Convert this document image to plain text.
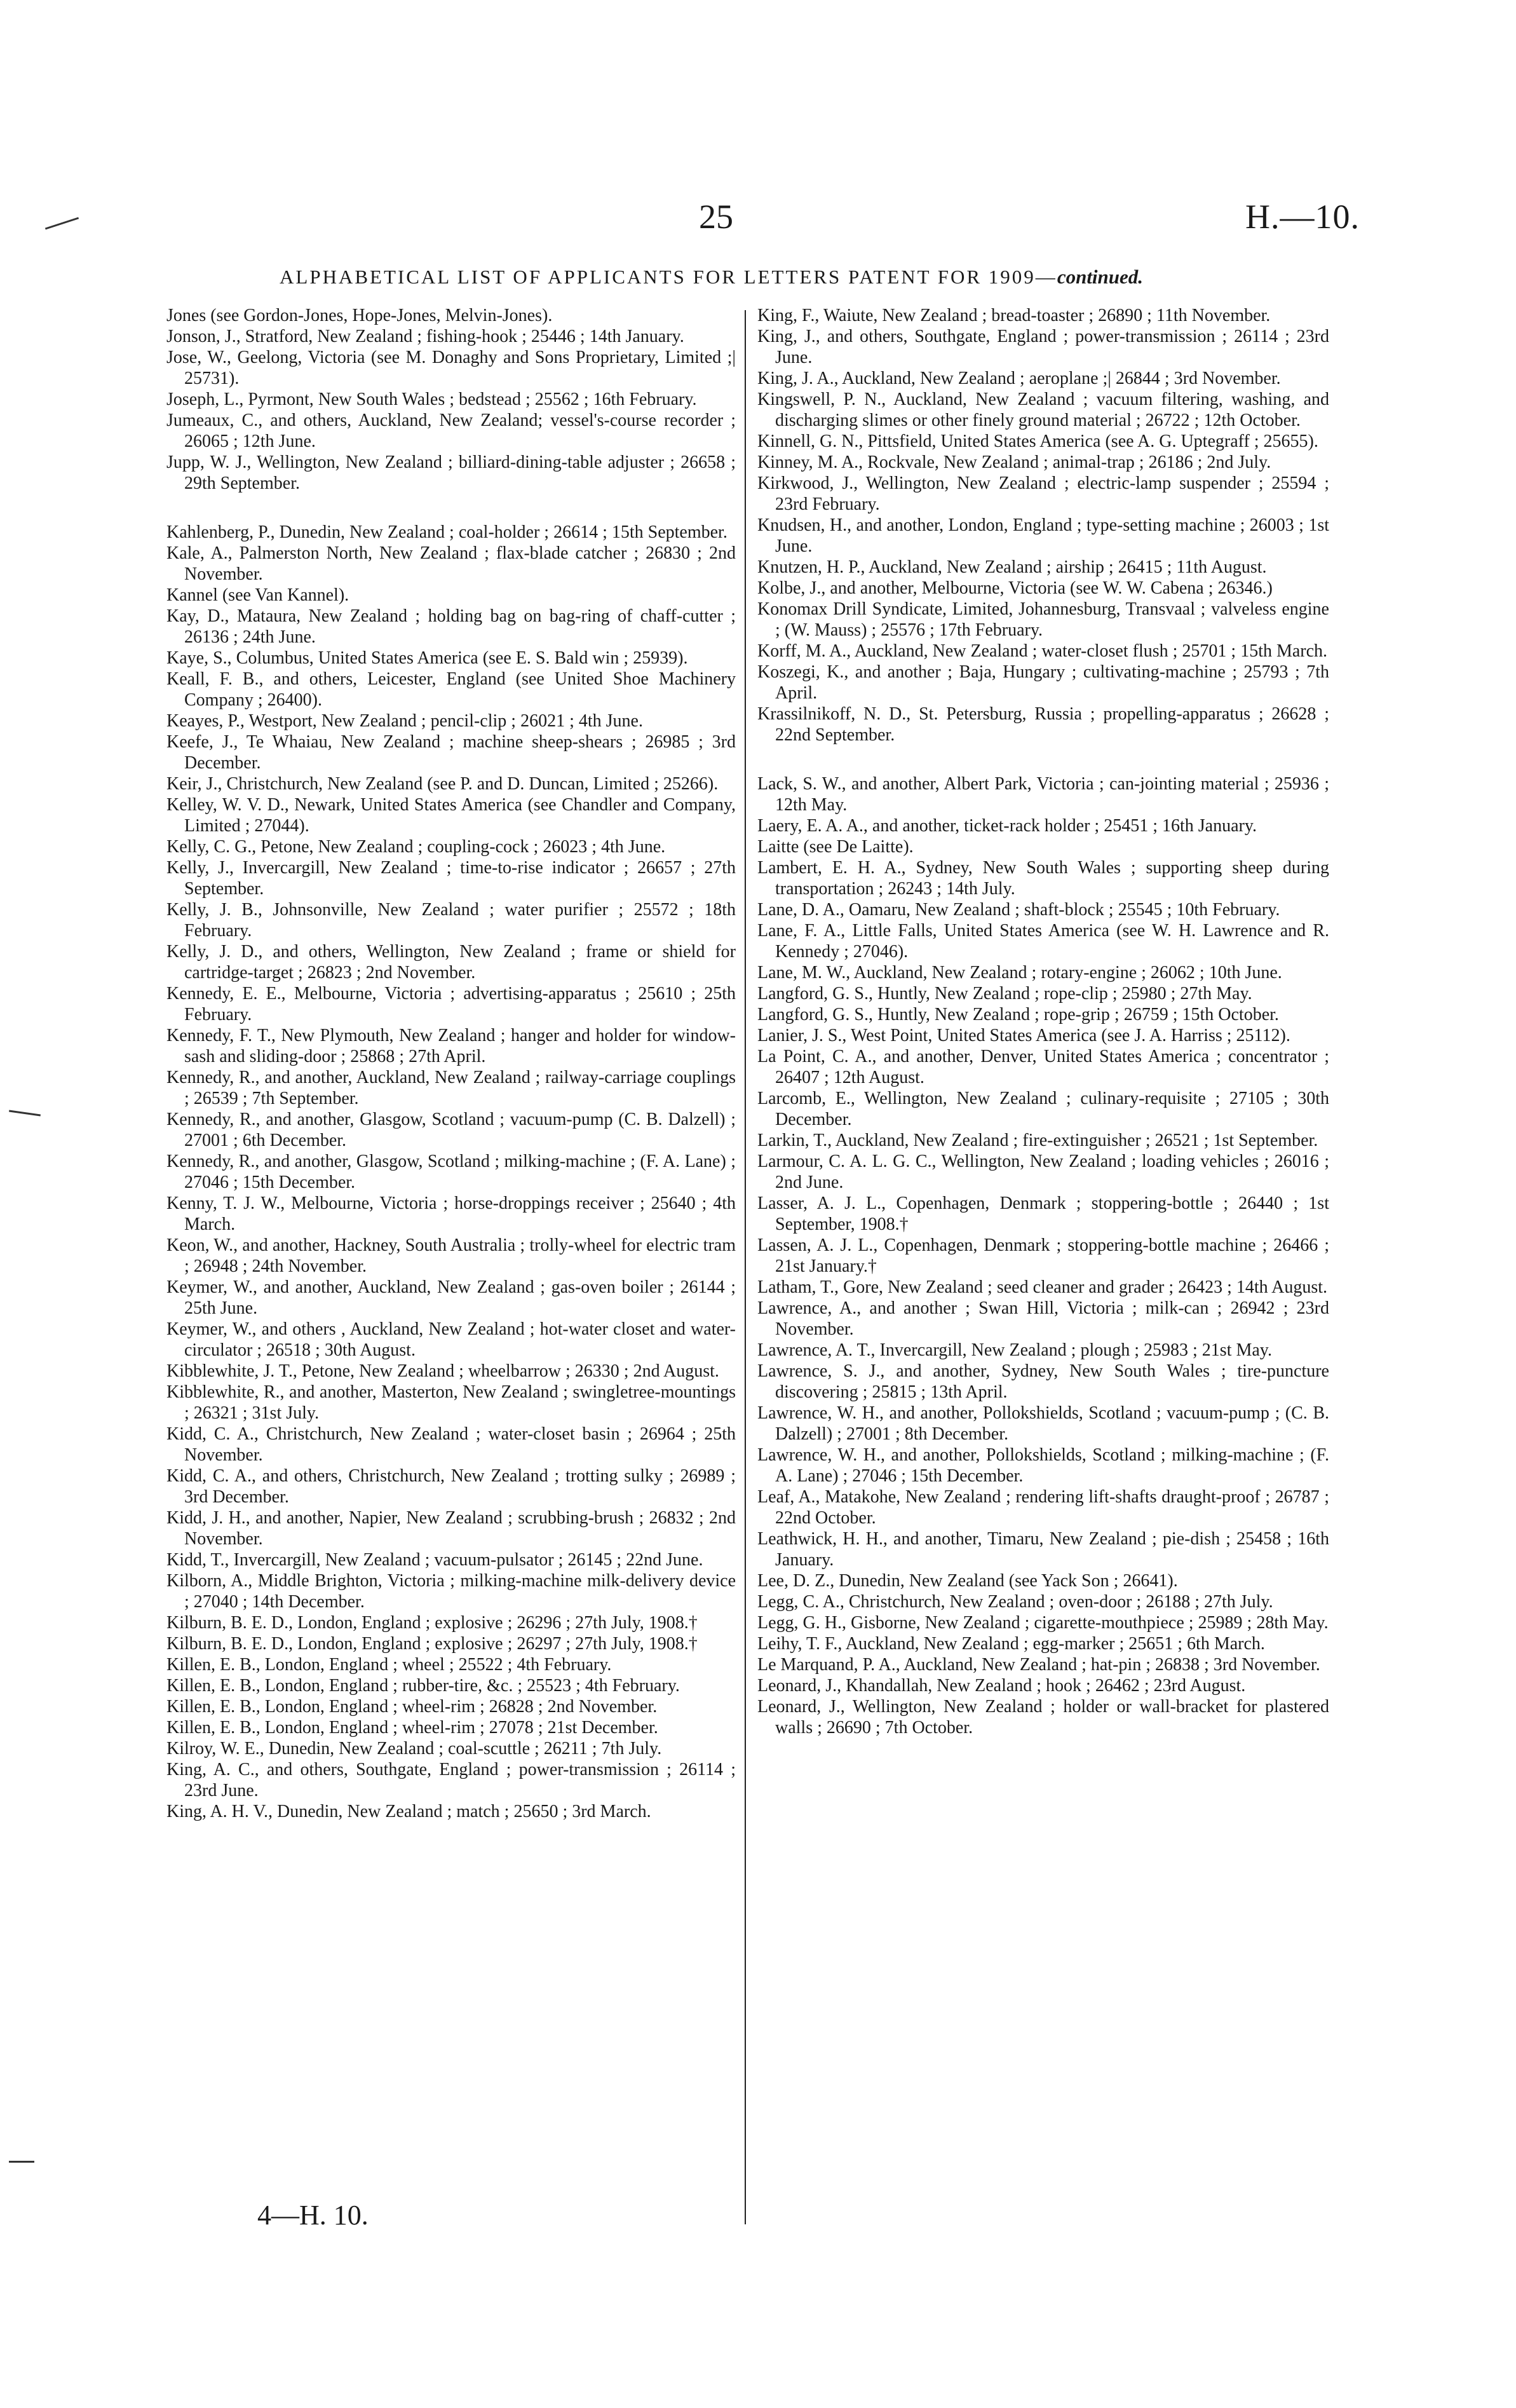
25	H.—10.
ALPHABETICAL LIST OF APPLICANTS FOR LETTERS PATENT FOR 1909—continued.
Jones (see Gordon-Jones, Hope-Jones, Melvin-Jones).
Jonson, J., Stratford, New Zealand ; fishing-hook ; 25446 ; 14th January.
Jose, W., Geelong, Victoria (see M. Donaghy and Sons Proprietary, Limited ;| 25731).
Joseph, L., Pyrmont, New South Wales ; bedstead ; 25562 ; 16th February.
Jumeaux, C., and others, Auckland, New Zealand; vessel's-course recorder ; 26065 ; 12th June.
Jupp, W. J., Wellington, New Zealand ; billiard-dining-table adjuster ; 26658 ; 29th September.
Kahlenberg, P., Dunedin, New Zealand ; coal-holder ; 26614 ; 15th September.
Kale, A., Palmerston North, New Zealand ; flax-blade catcher ; 26830 ; 2nd November.
Kannel (see Van Kannel).
Kay, D., Mataura, New Zealand ; holding bag on bag-ring of chaff-cutter ; 26136 ; 24th June.
Kaye, S., Columbus, United States America (see E. S. Bald win ; 25939).
Keall, F. B., and others, Leicester, England (see United Shoe Machinery Company ; 26400).
Keayes, P., Westport, New Zealand ; pencil-clip ; 26021 ; 4th June.
Keefe, J., Te Whaiau, New Zealand ; machine sheep-shears ; 26985 ; 3rd December.
Keir, J., Christchurch, New Zealand (see P. and D. Duncan, Limited ; 25266).
Kelley, W. V. D., Newark, United States America (see Chandler and Company, Limited ; 27044).
Kelly, C. G., Petone, New Zealand ; coupling-cock ; 26023 ; 4th June.
Kelly, J., Invercargill, New Zealand ; time-to-rise indicator ; 26657 ; 27th September.
Kelly, J. B., Johnsonville, New Zealand ; water purifier ; 25572 ; 18th February.
Kelly, J. D., and others, Wellington, New Zealand ; frame or shield for cartridge-target ; 26823 ; 2nd November.
Kennedy, E. E., Melbourne, Victoria ; advertising-apparatus ; 25610 ; 25th February.
Kennedy, F. T., New Plymouth, New Zealand ; hanger and holder for window-sash and sliding-door ; 25868 ; 27th April.
Kennedy, R., and another, Auckland, New Zealand ; railway-carriage couplings ; 26539 ; 7th September.
Kennedy, R., and another, Glasgow, Scotland ; vacuum-pump (C. B. Dalzell) ; 27001 ; 6th December.
Kennedy, R., and another, Glasgow, Scotland ; milking-machine ; (F. A. Lane) ; 27046 ; 15th December.
Kenny, T. J. W., Melbourne, Victoria ; horse-droppings receiver ; 25640 ; 4th March.
Keon, W., and another, Hackney, South Australia ; trolly-wheel for electric tram ; 26948 ; 24th November.
Keymer, W., and another, Auckland, New Zealand ; gas-oven boiler ; 26144 ; 25th June.
Keymer, W., and others , Auckland, New Zealand ; hot-water closet and water-circulator ; 26518 ; 30th August.
Kibblewhite, J. T., Petone, New Zealand ; wheelbarrow ; 26330 ; 2nd August.
Kibblewhite, R., and another, Masterton, New Zealand ; swingletree-mountings ; 26321 ; 31st July.
Kidd, C. A., Christchurch, New Zealand ; water-closet basin ; 26964 ; 25th November.
Kidd, C. A., and others, Christchurch, New Zealand ; trotting sulky ; 26989 ; 3rd December.
Kidd, J. H., and another, Napier, New Zealand ; scrubbing-brush ; 26832 ; 2nd November.
Kidd, T., Invercargill, New Zealand ; vacuum-pulsator ; 26145 ; 22nd June.
Kilborn, A., Middle Brighton, Victoria ; milking-machine milk-delivery device ; 27040 ; 14th December.
Kilburn, B. E. D., London, England ; explosive ; 26296 ; 27th July, 1908.†
Kilburn, B. E. D., London, England ; explosive ; 26297 ; 27th July, 1908.†
Killen, E. B., London, England ; wheel ; 25522 ; 4th February.
Killen, E. B., London, England ; rubber-tire, &c. ; 25523 ; 4th February.
Killen, E. B., London, England ; wheel-rim ; 26828 ; 2nd November.
Killen, E. B., London, England ; wheel-rim ; 27078 ; 21st December.
Kilroy, W. E., Dunedin, New Zealand ; coal-scuttle ; 26211 ; 7th July.
King, A. C., and others, Southgate, England ; power-transmission ; 26114 ; 23rd June.
King, A. H. V., Dunedin, New Zealand ; match ; 25650 ; 3rd March.
King, F., Waiute, New Zealand ; bread-toaster ; 26890 ; 11th November.
King, J., and others, Southgate, England ; power-transmission ; 26114 ; 23rd June.
King, J. A., Auckland, New Zealand ; aeroplane ;| 26844 ; 3rd November.
Kingswell, P. N., Auckland, New Zealand ; vacuum filtering, washing, and discharging slimes or other finely ground material ; 26722 ; 12th October.
Kinnell, G. N., Pittsfield, United States America (see A. G. Uptegraff ; 25655).
Kinney, M. A., Rockvale, New Zealand ; animal-trap ; 26186 ; 2nd July.
Kirkwood, J., Wellington, New Zealand ; electric-lamp suspender ; 25594 ; 23rd February.
Knudsen, H., and another, London, England ; type-setting machine ; 26003 ; 1st June.
Knutzen, H. P., Auckland, New Zealand ; airship ; 26415 ; 11th August.
Kolbe, J., and another, Melbourne, Victoria (see W. W. Cabena ; 26346.)
Konomax Drill Syndicate, Limited, Johannesburg, Transvaal ; valveless engine ; (W. Mauss) ; 25576 ; 17th February.
Korff, M. A., Auckland, New Zealand ; water-closet flush ; 25701 ; 15th March.
Koszegi, K., and another ; Baja, Hungary ; cultivating-machine ; 25793 ; 7th April.
Krassilnikoff, N. D., St. Petersburg, Russia ; propelling-apparatus ; 26628 ; 22nd September.
Lack, S. W., and another, Albert Park, Victoria ; can-jointing material ; 25936 ; 12th May.
Laery, E. A. A., and another, ticket-rack holder ; 25451 ; 16th January.
Laitte (see De Laitte).
Lambert, E. H. A., Sydney, New South Wales ; supporting sheep during transportation ; 26243 ; 14th July.
Lane, D. A., Oamaru, New Zealand ; shaft-block ; 25545 ; 10th February.
Lane, F. A., Little Falls, United States America (see W. H. Lawrence and R. Kennedy ; 27046).
Lane, M. W., Auckland, New Zealand ; rotary-engine ; 26062 ; 10th June.
Langford, G. S., Huntly, New Zealand ; rope-clip ; 25980 ; 27th May.
Langford, G. S., Huntly, New Zealand ; rope-grip ; 26759 ; 15th October.
Lanier, J. S., West Point, United States America (see J. A. Harriss ; 25112).
La Point, C. A., and another, Denver, United States America ; concentrator ; 26407 ; 12th August.
Larcomb, E., Wellington, New Zealand ; culinary-requisite ; 27105 ; 30th December.
Larkin, T., Auckland, New Zealand ; fire-extinguisher ; 26521 ; 1st September.
Larmour, C. A. L. G. C., Wellington, New Zealand ; loading vehicles ; 26016 ; 2nd June.
Lasser, A. J. L., Copenhagen, Denmark ; stoppering-bottle ; 26440 ; 1st September, 1908.†
Lassen, A. J. L., Copenhagen, Denmark ; stoppering-bottle machine ; 26466 ; 21st January.†
Latham, T., Gore, New Zealand ; seed cleaner and grader ; 26423 ; 14th August.
Lawrence, A., and another ; Swan Hill, Victoria ; milk-can ; 26942 ; 23rd November.
Lawrence, A. T., Invercargill, New Zealand ; plough ; 25983 ; 21st May.
Lawrence, S. J., and another, Sydney, New South Wales ; tire-puncture discovering ; 25815 ; 13th April.
Lawrence, W. H., and another, Pollokshields, Scotland ; vacuum-pump ; (C. B. Dalzell) ; 27001 ; 8th December.
Lawrence, W. H., and another, Pollokshields, Scotland ; milking-machine ; (F. A. Lane) ; 27046 ; 15th December.
Leaf, A., Matakohe, New Zealand ; rendering lift-shafts draught-proof ; 26787 ; 22nd October.
Leathwick, H. H., and another, Timaru, New Zealand ; pie-dish ; 25458 ; 16th January.
Lee, D. Z., Dunedin, New Zealand (see Yack Son ; 26641).
Legg, C. A., Christchurch, New Zealand ; oven-door ; 26188 ; 27th July.
Legg, G. H., Gisborne, New Zealand ; cigarette-mouthpiece ; 25989 ; 28th May.
Leihy, T. F., Auckland, New Zealand ; egg-marker ; 25651 ; 6th March.
Le Marquand, P. A., Auckland, New Zealand ; hat-pin ; 26838 ; 3rd November.
Leonard, J., Khandallah, New Zealand ; hook ; 26462 ; 23rd August.
Leonard, J., Wellington, New Zealand ; holder or wall-bracket for plastered walls ; 26690 ; 7th October.
4—H. 10.
